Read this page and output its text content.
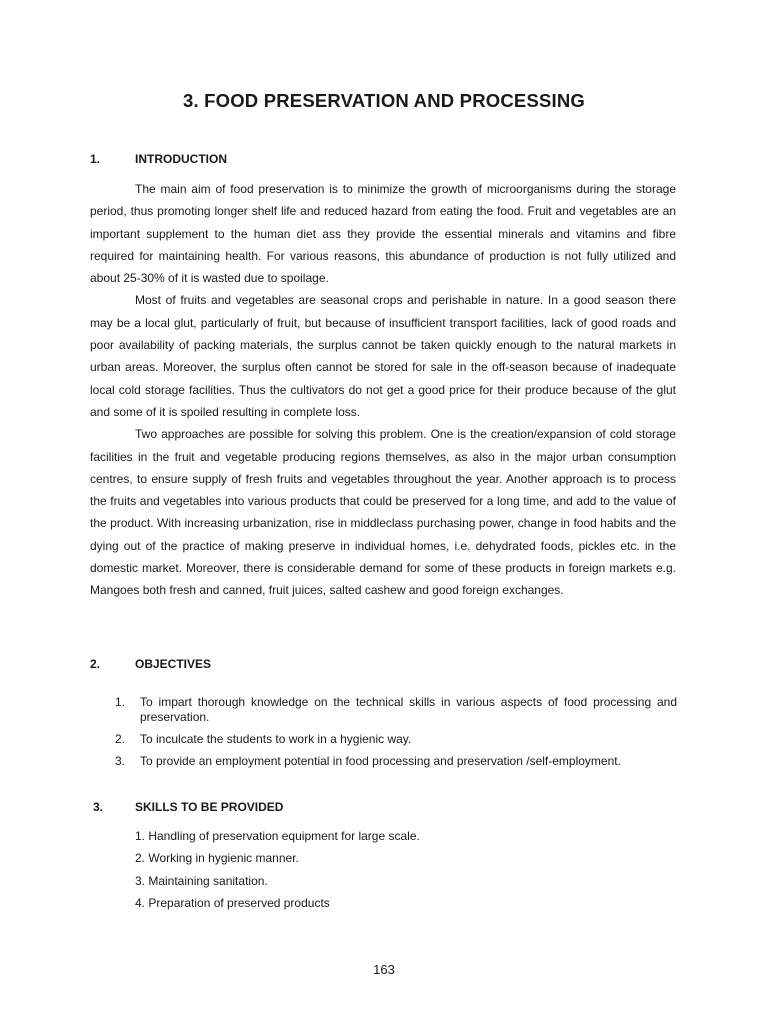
3. FOOD PRESERVATION AND PROCESSING
1.	INTRODUCTION

The main aim of food preservation is to minimize the growth of microorganisms during the storage period, thus promoting longer shelf life and reduced hazard from eating the food. Fruit and vegetables are an important supplement to the human diet ass they provide the essential minerals and vitamins and fibre required for maintaining health. For various reasons, this abundance of production is not fully utilized and about 25-30% of it is wasted due to spoilage.

Most of fruits and vegetables are seasonal crops and perishable in nature. In a good season there may be a local glut, particularly of fruit, but because of insufficient transport facilities, lack of good roads and poor availability of packing materials, the surplus cannot be taken quickly enough to the natural markets in urban areas. Moreover, the surplus often cannot be stored for sale in the off-season because of inadequate local cold storage facilities. Thus the cultivators do not get a good price for their produce because of the glut and some of it is spoiled resulting in complete loss.

Two approaches are possible for solving this problem. One is the creation/expansion of cold storage facilities in the fruit and vegetable producing regions themselves, as also in the major urban consumption centres, to ensure supply of fresh fruits and vegetables throughout the year. Another approach is to process the fruits and vegetables into various products that could be preserved for a long time, and add to the value of the product. With increasing urbanization, rise in middleclass purchasing power, change in food habits and the dying out of the practice of making preserve in individual homes, i.e. dehydrated foods, pickles etc. in the domestic market. Moreover, there is considerable demand for some of these products in foreign markets e.g. Mangoes both fresh and canned, fruit juices, salted cashew and good foreign exchanges.

2.	OBJECTIVES
1. To impart thorough knowledge on the technical skills in various aspects of food processing and preservation.
2. To inculcate the students to work in a hygienic way.
3. To provide an employment potential in food processing and preservation /self-employment.
3.	SKILLS TO BE PROVIDED
1. Handling of preservation equipment for large scale.
2. Working in hygienic manner.
3. Maintaining sanitation.
4. Preparation of preserved products

163
